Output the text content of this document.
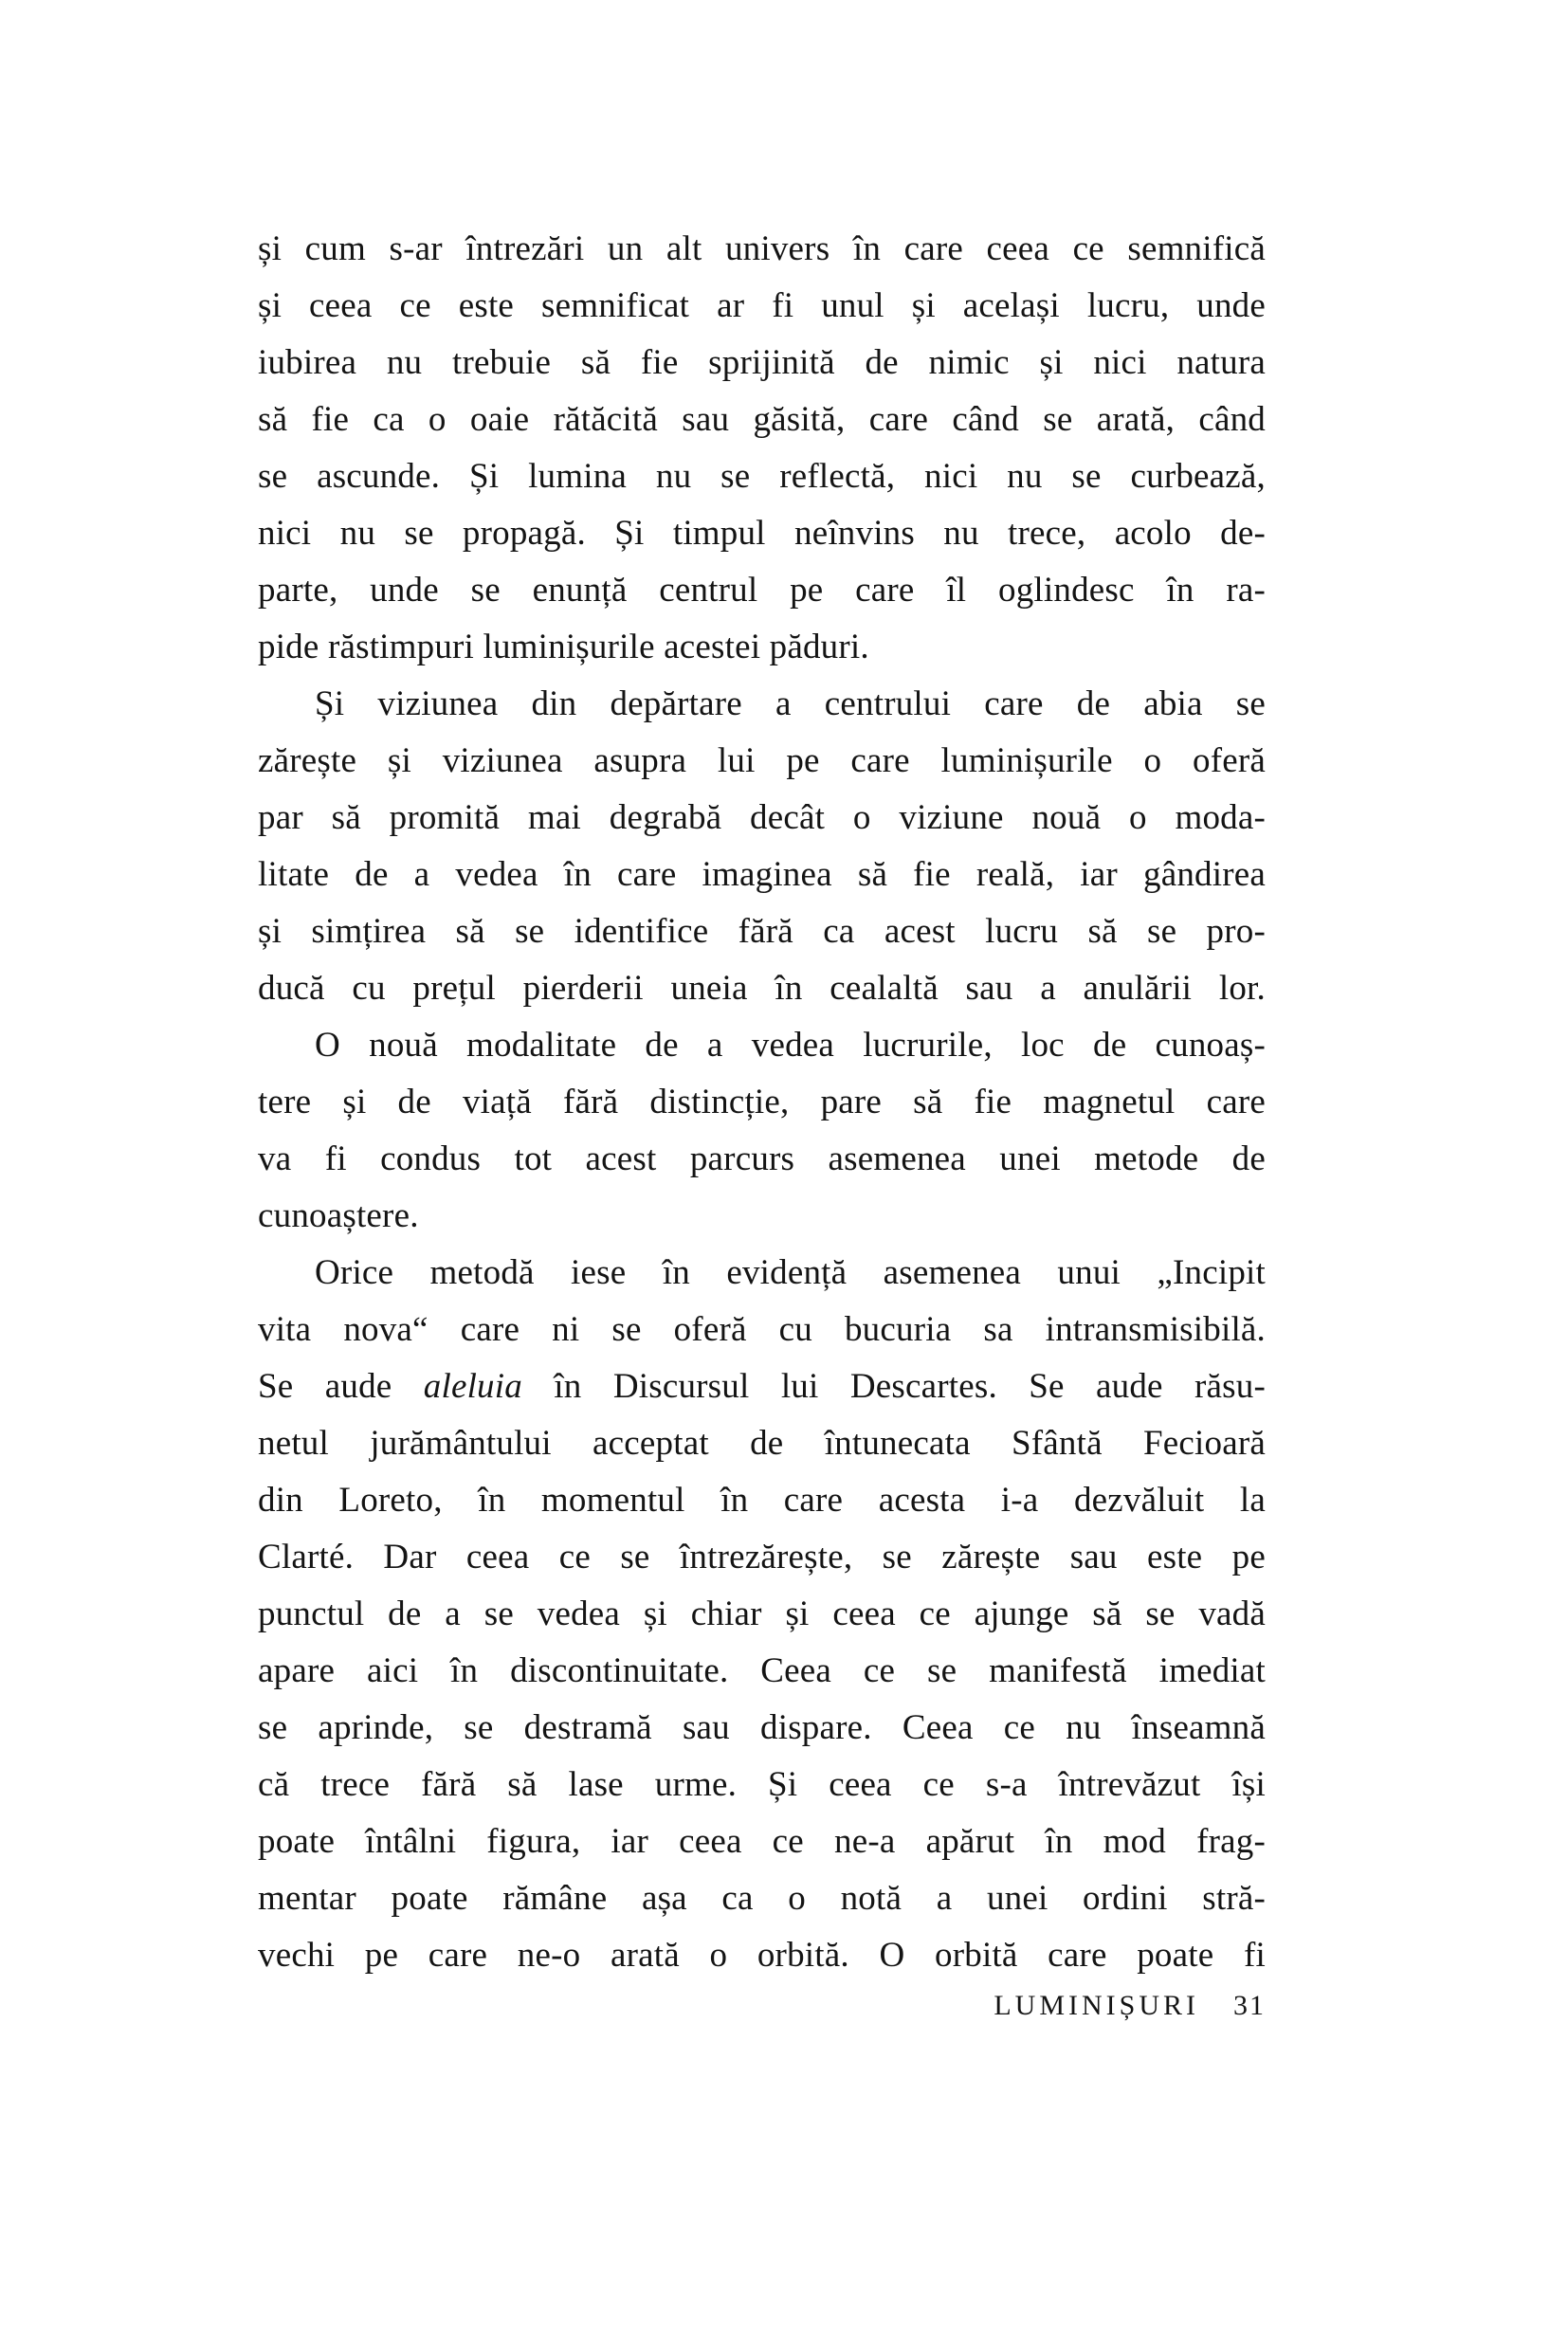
și cum s-ar întrezări un alt univers în care ceea ce semnifică
și ceea ce este semnificat ar fi unul și același lucru, unde
iubirea nu trebuie să fie sprijinită de nimic și nici natura
să fie ca o oaie rătăcită sau găsită, care când se arată, când
se ascunde. Și lumina nu se reflectă, nici nu se curbează,
nici nu se propagă. Și timpul neînvins nu trece, acolo de-
parte, unde se enunță centrul pe care îl oglindesc în ra-
pide răstimpuri luminișurile acestei păduri.
Și viziunea din depărtare a centrului care de abia se
zărește și viziunea asupra lui pe care luminișurile o oferă
par să promită mai degrabă decât o viziune nouă o moda-
litate de a vedea în care imaginea să fie reală, iar gândirea
și simțirea să se identifice fără ca acest lucru să se pro-
ducă cu prețul pierderii uneia în cealaltă sau a anulării lor.
O nouă modalitate de a vedea lucrurile, loc de cunoaș-
tere și de viață fără distincție, pare să fie magnetul care
va fi condus tot acest parcurs asemenea unei metode de
cunoaștere.
Orice metodă iese în evidență asemenea unui „Incipit
vita nova“ care ni se oferă cu bucuria sa intransmisibilă.
Se aude aleluia în Discursul lui Descartes. Se aude răsu-
netul jurământului acceptat de întunecata Sfântă Fecioară
din Loreto, în momentul în care acesta i-a dezvăluit la
Clarté. Dar ceea ce se întrezărește, se zărește sau este pe
punctul de a se vedea și chiar și ceea ce ajunge să se vadă
apare aici în discontinuitate. Ceea ce se manifestă imediat
se aprinde, se destramă sau dispare. Ceea ce nu înseamnă
că trece fără să lase urme. Și ceea ce s-a întrevăzut își
poate întâlni figura, iar ceea ce ne-a apărut în mod frag-
mentar poate rămâne așa ca o notă a unei ordini stră-
vechi pe care ne-o arată o orbită. O orbită care poate fi
LUMINIȘURI 31
